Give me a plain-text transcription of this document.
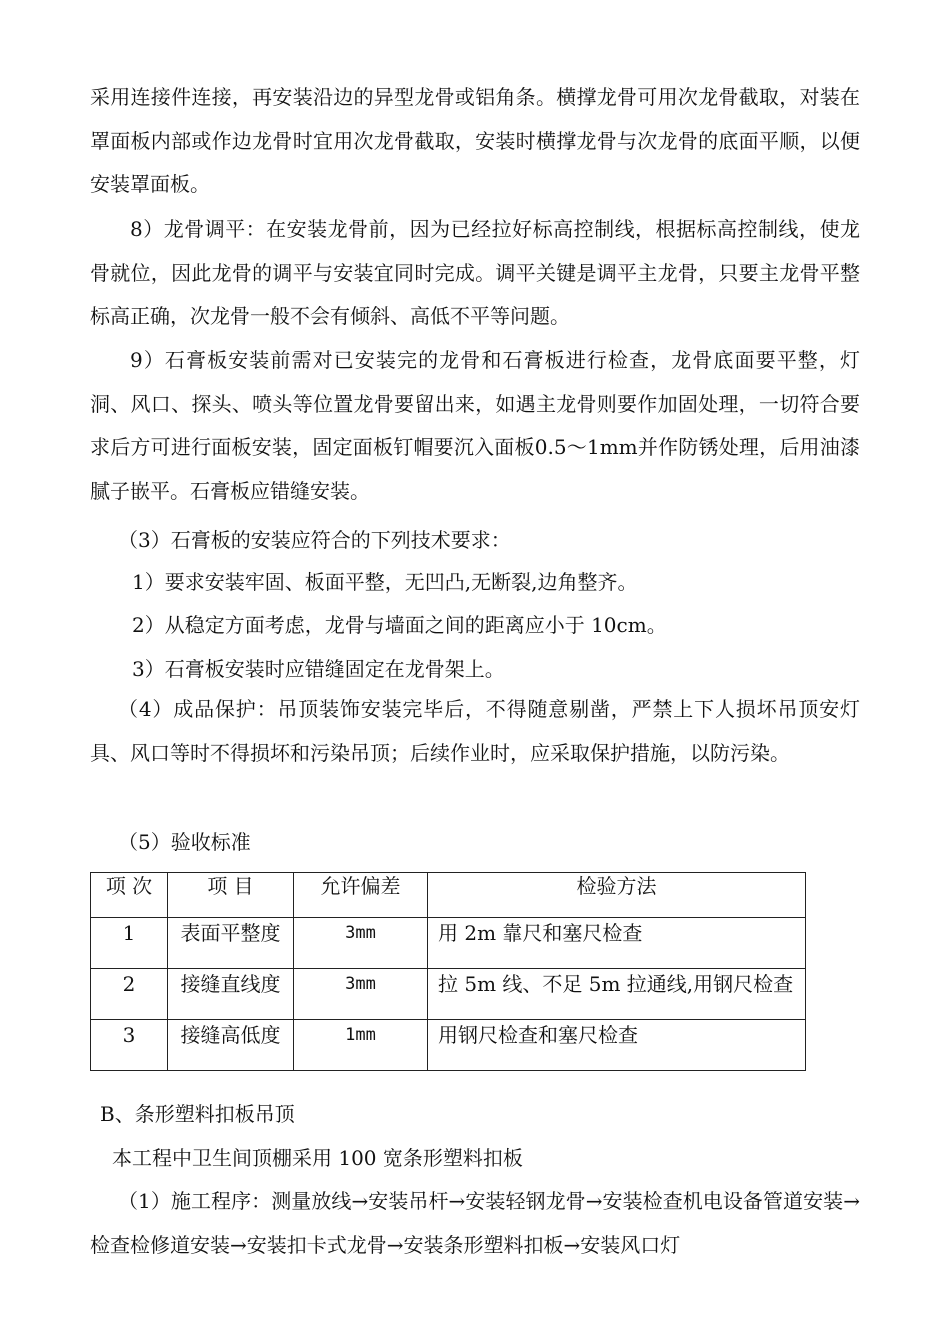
采用连接件连接，再安装沿边的异型龙骨或铝角条。横撑龙骨可用次龙骨截取，对装在罩面板内部或作边龙骨时宜用次龙骨截取，安装时横撑龙骨与次龙骨的底面平顺，以便安装罩面板。

8）龙骨调平：在安装龙骨前，因为已经拉好标高控制线，根据标高控制线，使龙骨就位，因此龙骨的调平与安装宜同时完成。调平关键是调平主龙骨，只要主龙骨平整标高正确，次龙骨一般不会有倾斜、高低不平等问题。

9）石膏板安装前需对已安装完的龙骨和石膏板进行检查，龙骨底面要平整，灯洞、风口、探头、喷头等位置龙骨要留出来，如遇主龙骨则要作加固处理，一切符合要求后方可进行面板安装，固定面板钉帽要沉入面板0.5～1mm并作防锈处理，后用油漆腻子嵌平。石膏板应错缝安装。

（3）石膏板的安装应符合的下列技术要求：
1）要求安装牢固、板面平整，无凹凸,无断裂,边角整齐。
2）从稳定方面考虑，龙骨与墙面之间的距离应小于 10cm。
3）石膏板安装时应错缝固定在龙骨架上。

（4）成品保护：吊顶装饰安装完毕后，不得随意剔凿，严禁上下人损坏吊顶安灯具、风口等时不得损坏和污染吊顶；后续作业时，应采取保护措施，以防污染。

（5）验收标准
项 次	项 目	允许偏差	检验方法
1	表面平整度	3mm	用 2m 靠尺和塞尺检查
2	接缝直线度	3mm	拉 5m 线、不足 5m 拉通线,用钢尺检查
3	接缝高低度	1mm	用钢尺检查和塞尺检查
B、条形塑料扣板吊顶
本工程中卫生间顶棚采用 100 宽条形塑料扣板

（1）施工程序：测量放线→安装吊杆→安装轻钢龙骨→安装检查机电设备管道安装→检查检修道安装→安装扣卡式龙骨→安装条形塑料扣板→安装风口灯
